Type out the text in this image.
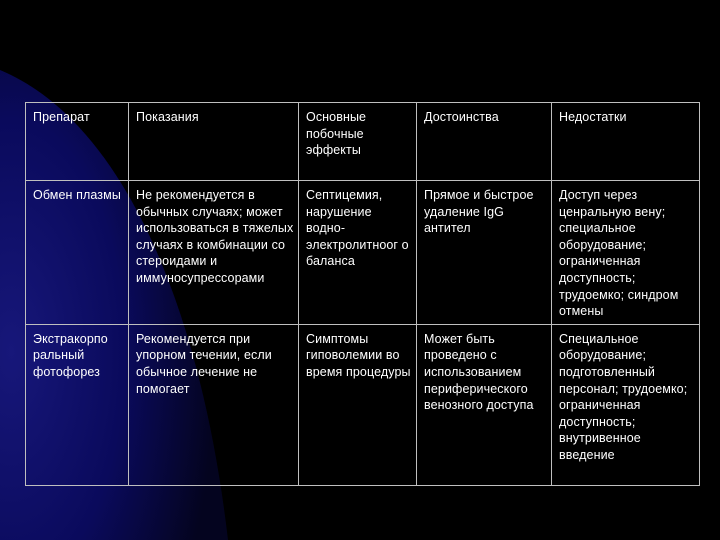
Препарат	Показания	Основные побочные эффекты	Достоинства	Недостатки
Обмен плазмы	Не рекомендуется в обычных случаях; может использоваться в тяжелых случаях в комбинации со стероидами и иммуносупрессорами	Септицемия, нарушение водно-электролитноог о баланса	Прямое и быстрое удаление IgG антител	Доступ через ценральную вену; специальное оборудование; ограниченная доступность; трудоемко; синдром отмены
Экстракорпо ральный фотофорез	Рекомендуется при упорном течении, если обычное лечение не помогает	Симптомы гиповолемии во время процедуры	Может быть проведено с использованием периферического венозного доступа	Специальное оборудование; подготовленный персонал; трудоемко; ограниченная доступность; внутривенное введение
